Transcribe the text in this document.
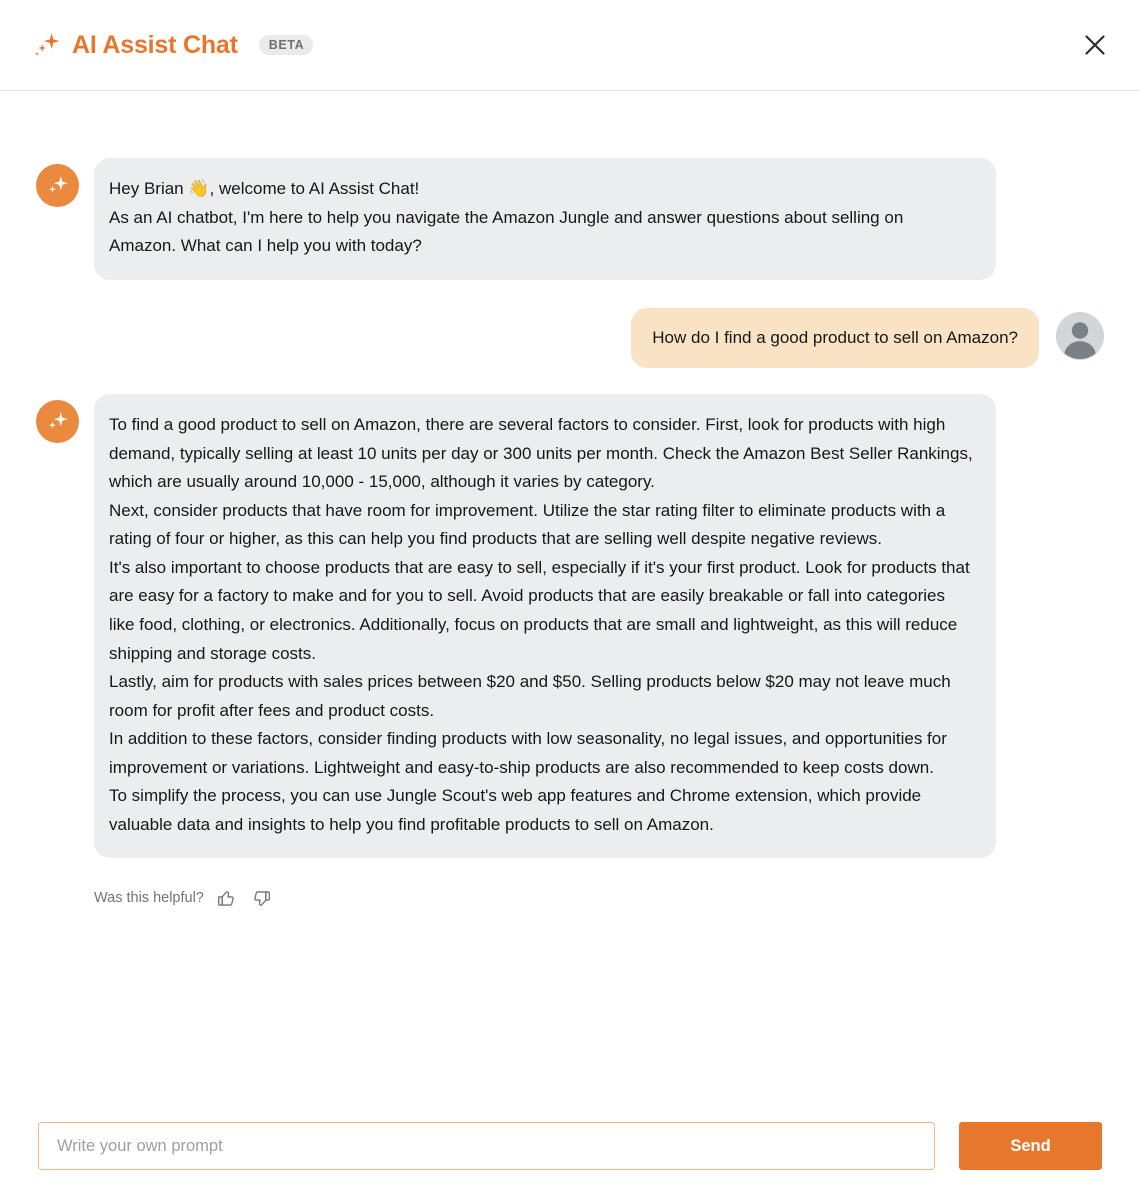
AI Assist Chat	BETA

Hey Brian 👋, welcome to AI Assist Chat!

As an AI chatbot, I'm here to help you navigate the Amazon Jungle and answer questions about selling on Amazon. What can I help you with today?

How do I find a good product to sell on Amazon?

To find a good product to sell on Amazon, there are several factors to consider. First, look for products with high demand, typically selling at least 10 units per day or 300 units per month. Check the Amazon Best Seller Rankings, which are usually around 10,000 - 15,000, although it varies by category.

Next, consider products that have room for improvement. Utilize the star rating filter to eliminate products with a rating of four or higher, as this can help you find products that are selling well despite negative reviews.

It's also important to choose products that are easy to sell, especially if it's your first product. Look for products that are easy for a factory to make and for you to sell. Avoid products that are easily breakable or fall into categories like food, clothing, or electronics. Additionally, focus on products that are small and lightweight, as this will reduce shipping and storage costs.

Lastly, aim for products with sales prices between $20 and $50. Selling products below $20 may not leave much room for profit after fees and product costs.

In addition to these factors, consider finding products with low seasonality, no legal issues, and opportunities for improvement or variations. Lightweight and easy-to-ship products are also recommended to keep costs down.

To simplify the process, you can use Jungle Scout's web app features and Chrome extension, which provide valuable data and insights to help you find profitable products to sell on Amazon.

Was this helpful?
Write your own prompt
Send
